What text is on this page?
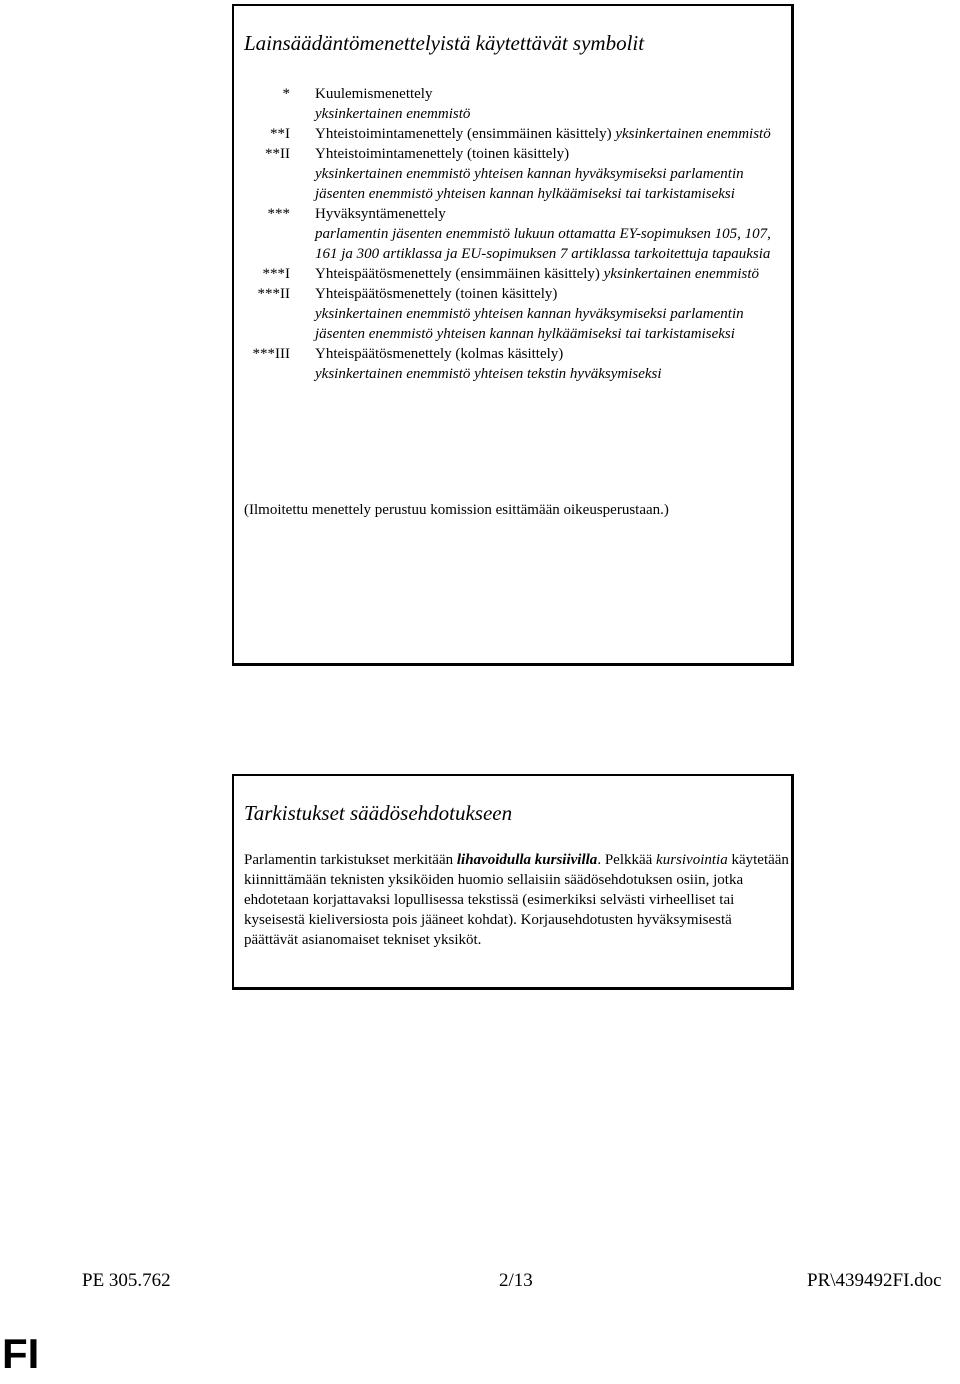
Lainsäädäntömenettelyistä käytettävät symbolit
* Kuulemismenettely
yksinkertainen enemmistö
**I Yhteistoimintamenettely (ensimmäinen käsittely) yksinkertainen enemmistö
**II Yhteistoimintamenettely (toinen käsittely)
yksinkertainen enemmistö yhteisen kannan hyväksymiseksi parlamentin jäsenten enemmistö yhteisen kannan hylkäämiseksi tai tarkistamiseksi
*** Hyväksyntämenettely
parlamentin jäsenten enemmistö lukuun ottamatta EY-sopimuksen 105, 107, 161 ja 300 artiklassa ja EU-sopimuksen 7 artiklassa tarkoitettuja tapauksia
***I Yhteispäätösmenettely (ensimmäinen käsittely) yksinkertainen enemmistö
***II Yhteispäätösmenettely (toinen käsittely)
yksinkertainen enemmistö yhteisen kannan hyväksymiseksi parlamentin jäsenten enemmistö yhteisen kannan hylkäämiseksi tai tarkistamiseksi
***III Yhteispäätösmenettely (kolmas käsittely)
yksinkertainen enemmistö yhteisen tekstin hyväksymiseksi
(Ilmoitettu menettely perustuu komission esittämään oikeusperustaan.)
Tarkistukset säädösehdotukseen
Parlamentin tarkistukset merkitään lihavoidulla kursiivilla. Pelkkää kursivointia käytetään kiinnittämään teknisten yksiköiden huomio sellaisiin säädösehdotuksen osiin, jotka ehdotetaan korjattavaksi lopullisessa tekstissä (esimerkiksi selvästi virheelliset tai kyseisestä kieliversiosta pois jääneet kohdat). Korjausehdotusten hyväksymisestä päättävät asianomaiset tekniset yksiköt.
PE 305.762	2/13	PR\439492FI.doc
FI
